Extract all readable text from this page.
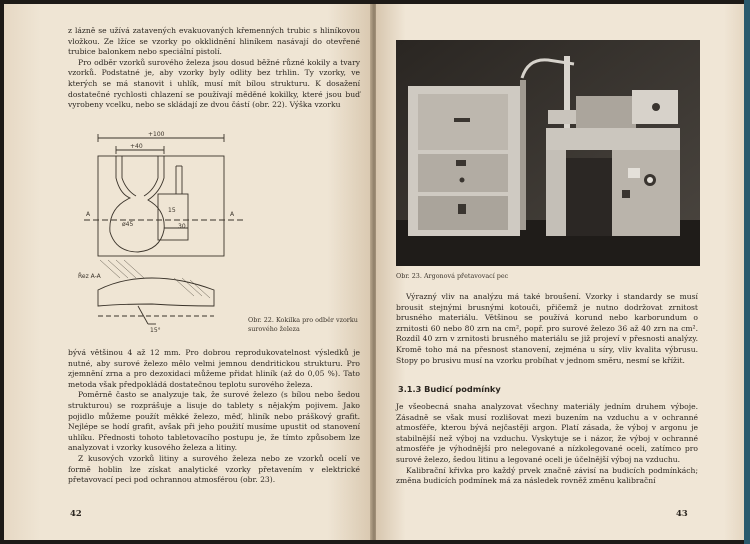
z lázně se užívá zatavených evakuovaných křemenných trubic s hliníkovou vložkou. Ze lžíce se vzorky po okklidnění hliníkem nasávají do otevřené trubice balonkem nebo speciální pistolí.

Pro odběr vzorků surového železa jsou dosud běžné různé kokily a tvary vzorků. Podstatné je, aby vzorky byly odlity bez trhlin. Ty vzorky, ve kterých se má stanovit i uhlík, musí mít bílou strukturu. K dosažení dostatečné rychlosti chlazení se používají měděné kokilky, které jsou buď vyrobeny vcelku, nebo se skládají ze dvou částí (obr. 22). Výška vzorku

+100
+40
ø45
15
30
A	A
Řez A-A
15°
Obr. 22. Kokilka pro odběr vzorku surového železa

bývá většinou 4 až 12 mm. Pro dobrou reprodukovatelnost výsledků je nutné, aby surové železo mělo velmi jemnou dendritickou strukturu. Pro zjemnění zrna a pro dezoxidaci můžeme přidat hliník (až do 0,05 %). Tato metoda však předpokládá dostatečnou teplotu surového železa.

Poměrně často se analyzuje tak, že surové železo (s bílou nebo šedou strukturou) se rozprášuje a lisuje do tablety s nějakým pojivem. Jako pojidlo můžeme použít měkké železo, měď, hliník nebo práškový grafit. Nejlépe se hodí grafit, avšak při jeho použití musíme upustit od stanovení uhlíku. Přednosti tohoto tabletovacího postupu je, že tímto způsobem lze analyzovat i vzorky kusového železa a litiny.

Z kusových vzorků litiny a surového železa nebo ze vzorků ocelí ve formě hoblin lze získat analytické vzorky přetavením v elektrické přetavovací peci pod ochrannou atmosférou (obr. 23).

42
Obr. 23. Argonová přetavovací pec

Výrazný vliv na analýzu má také broušení. Vzorky i standardy se musí brousit stejnými brusnými kotouči, přičemž je nutno dodržovat zrnitost brusného materiálu. Většinou se používá korund nebo karborundum o zrnitosti 60 nebo 80 zrn na cm², popř. pro surové železo 36 až 40 zrn na cm². Rozdíl 40 zrn v zrnitosti brusného materiálu se již projeví v přesnosti analýzy. Kromě toho má na přesnost stanovení, zejména u síry, vliv kvalita výbrusu. Stopy po brusivu musí na vzorku probíhat v jednom směru, nesmí se křížit.

3.1.3 Budicí podmínky

Je všeobecná snaha analyzovat všechny materiály jedním druhem výboje. Zásadně se však musí rozlišovat mezi buzením na vzduchu a v ochranné atmosféře, kterou bývá nejčastěji argon. Platí zásada, že výboj v argonu je stabilnější než výboj na vzduchu. Vyskytuje se i názor, že výboj v ochranné atmosféře je výhodnější pro nelegované a nízkolegované oceli, zatímco pro surové železo, šedou litinu a legované oceli je účelnější výboj na vzduchu.

Kalibrační křivka pro každý prvek značně závisí na budicích podmínkách; změna budicích podmínek má za následek rovněž změnu kalibrační

43
